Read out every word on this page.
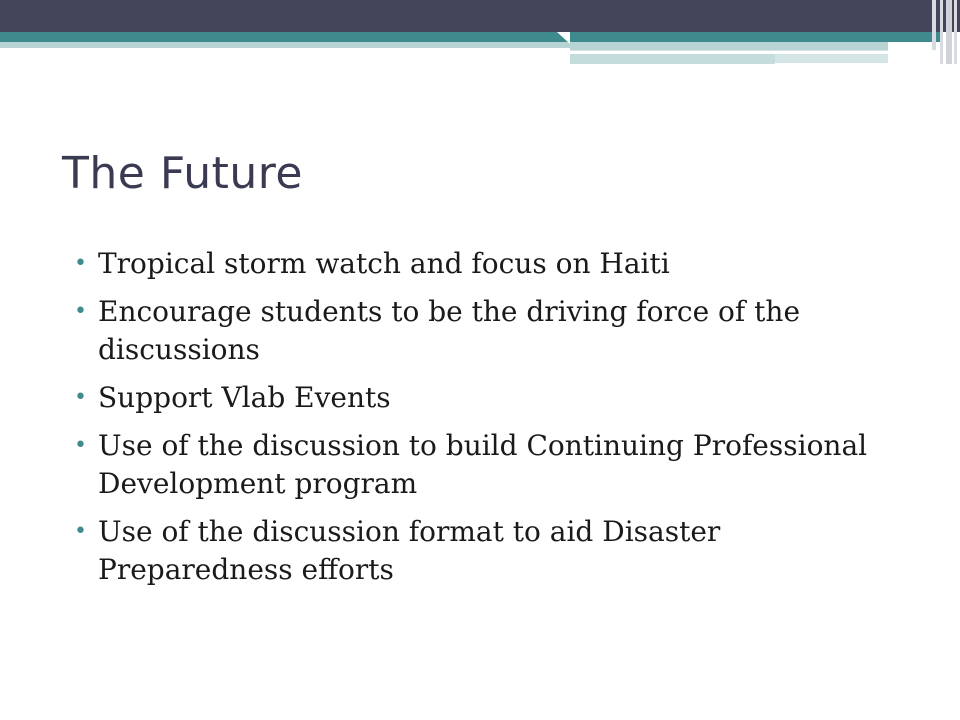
The Future
• Tropical storm watch and focus on Haiti
• Encourage students to be the driving force of the discussions
• Support Vlab Events
• Use of the discussion to build Continuing Professional Development program
• Use of the discussion format to aid Disaster Preparedness efforts
